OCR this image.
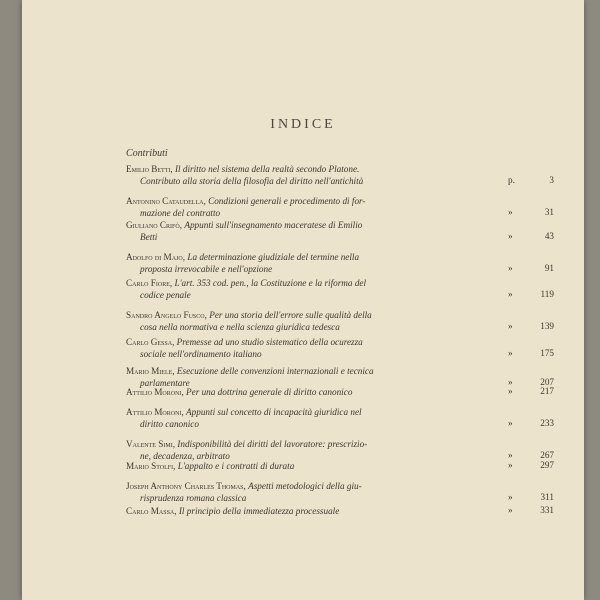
INDICE
Contributi
Emilio Betti, Il diritto nel sistema della realtà secondo Platone.
Contributo alla storia della filosofia del diritto nell'antichità	p.	3
Antonino Cataudella, Condizioni generali e procedimento di for-
mazione del contratto	»	31
Giuliano Crifò, Appunti sull'insegnamento maceratese di Emilio
Betti	»	43
Adolfo di Majo, La determinazione giudiziale del termine nella
proposta irrevocabile e nell'opzione	»	91
Carlo Fiore, L'art. 353 cod. pen., la Costituzione e la riforma del
codice penale	»	119
Sandro Angelo Fusco, Per una storia dell'errore sulle qualità della
cosa nella normativa e nella scienza giuridica tedesca	»	139
Carlo Gessa, Premesse ad uno studio sistematico della ocurezza
sociale nell'ordinamento italiano	»	175
Mario Miele, Esecuzione delle convenzioni internazionali e tecnica
parlamentare	»	207
Attilio Moroni, Per una dottrina generale di diritto canonico	»	217
Attilio Moroni, Appunti sul concetto di incapacità giuridica nel
diritto canonico	»	233
Valente Simi, Indisponibilità dei diritti del lavoratore: prescrizio-
ne, decadenza, arbitrato	»	267
Mario Stolfi, L'appalto e i contratti di durata	»	297
Joseph Anthony Charles Thomas, Aspetti metodologici della giu-
risprudenza romana classica	»	311
Carlo Massa, Il principio della immediatezza processuale	»	331
